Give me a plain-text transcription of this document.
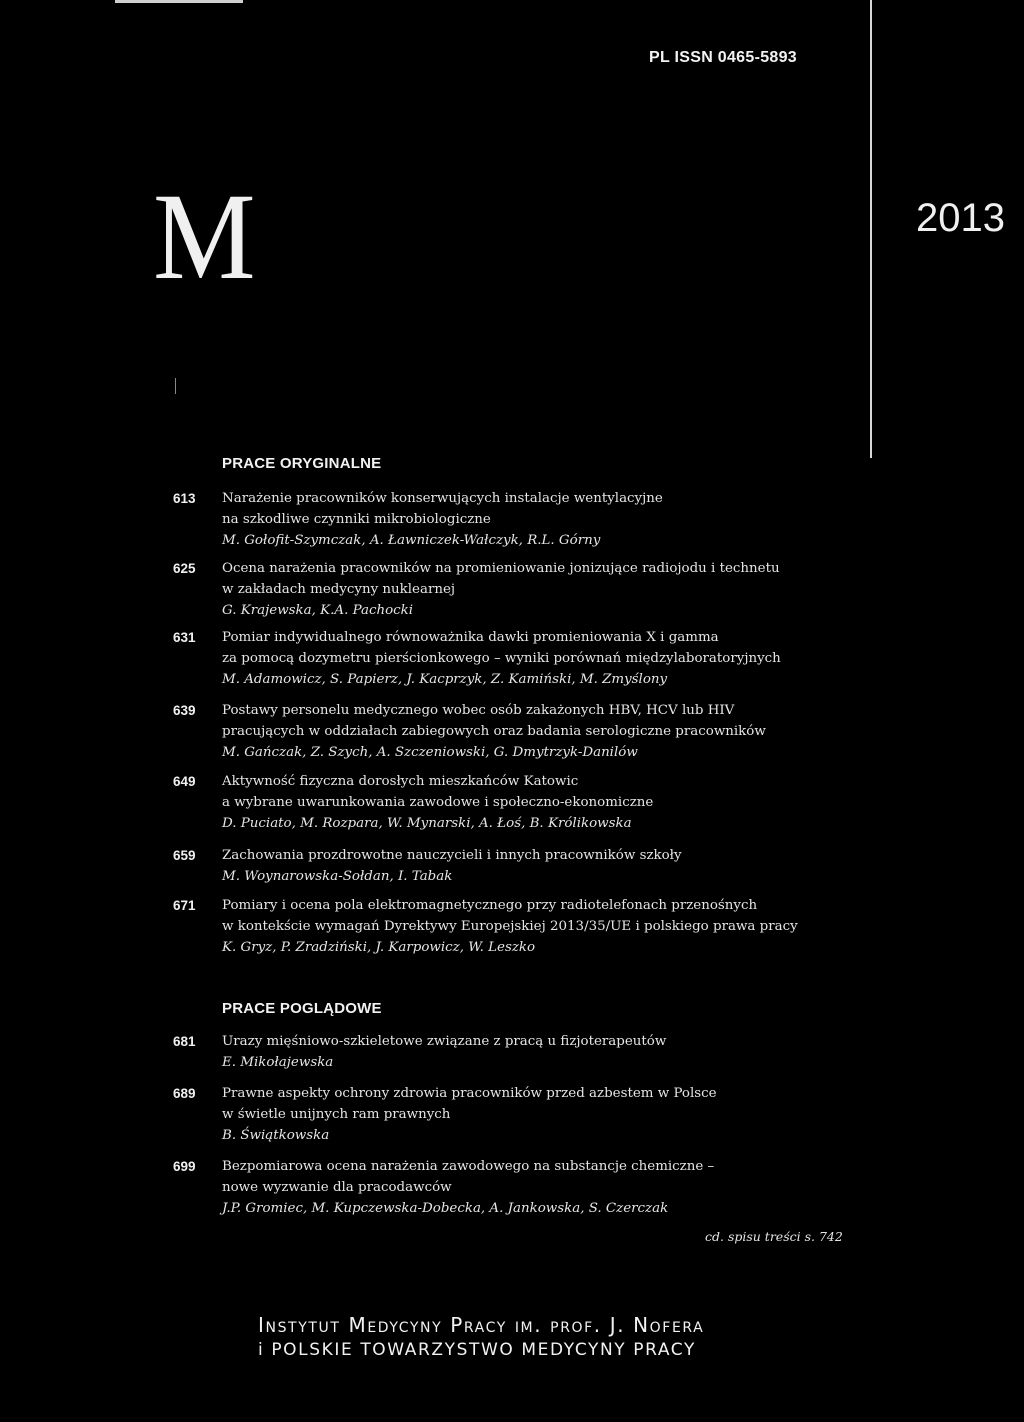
PL ISSN 0465-5893
M	2013
PRACE ORYGINALNE
613 Narażenie pracowników konserwujących instalacje wentylacyjne
na szkodliwe czynniki mikrobiologiczne
M. Gołofit-Szymczak, A. Ławniczek-Wałczyk, R.L. Górny
625 Ocena narażenia pracowników na promieniowanie jonizujące radiojodu i technetu
w zakładach medycyny nuklearnej
G. Krajewska, K.A. Pachocki
631 Pomiar indywidualnego równoważnika dawki promieniowania X i gamma
za pomocą dozymetru pierścionkowego – wyniki porównań międzylaboratoryjnych
M. Adamowicz, S. Papierz, J. Kacprzyk, Z. Kamiński, M. Zmyślony
639 Postawy personelu medycznego wobec osób zakażonych HBV, HCV lub HIV
pracujących w oddziałach zabiegowych oraz badania serologiczne pracowników
M. Gańczak, Z. Szych, A. Szczeniowski, G. Dmytrzyk-Danilów
649 Aktywność fizyczna dorosłych mieszkańców Katowic
a wybrane uwarunkowania zawodowe i społeczno-ekonomiczne
D. Puciato, M. Rozpara, W. Mynarski, A. Łoś, B. Królikowska
659 Zachowania prozdrowotne nauczycieli i innych pracowników szkoły
M. Woynarowska-Sołdan, I. Tabak
671 Pomiary i ocena pola elektromagnetycznego przy radiotelefonach przenośnych
w kontekście wymagań Dyrektywy Europejskiej 2013/35/UE i polskiego prawa pracy
K. Gryz, P. Zradziński, J. Karpowicz, W. Leszko
PRACE POGLĄDOWE
681 Urazy mięśniowo-szkieletowe związane z pracą u fizjoterapeutów
E. Mikołajewska
689 Prawne aspekty ochrony zdrowia pracowników przed azbestem w Polsce
w świetle unijnych ram prawnych
B. Świątkowska
699 Bezpomiarowa ocena narażenia zawodowego na substancje chemiczne –
nowe wyzwanie dla pracodawców
J.P. Gromiec, M. Kupczewska-Dobecka, A. Jankowska, S. Czerczak
cd. spisu treści s. 742
Instytut Medycyny Pracy im. prof. J. Nofera
i POLSKIE TOWARZYSTWO MEDYCYNY PRACY
